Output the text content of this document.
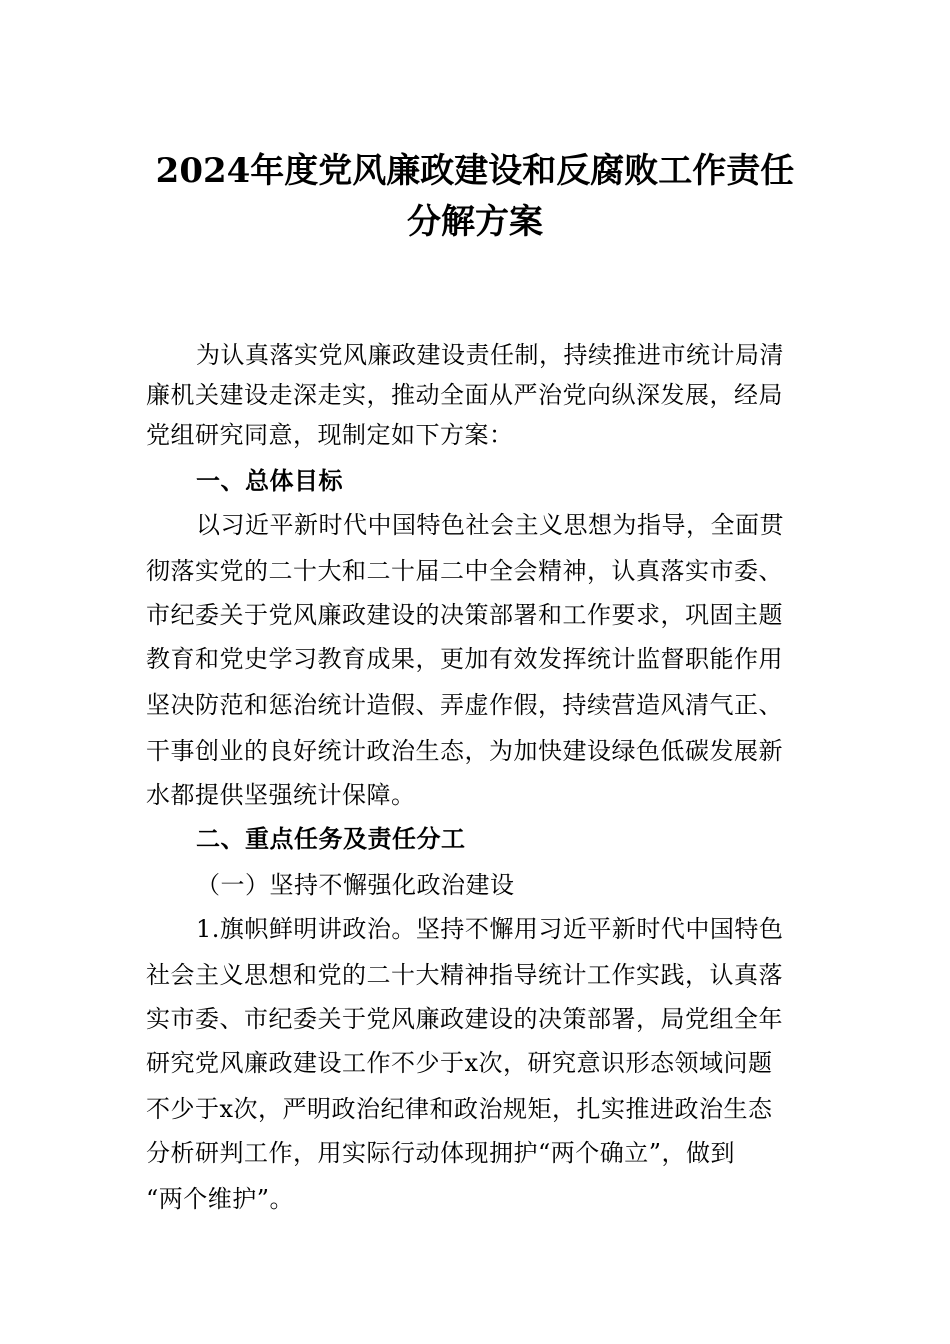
2024年度党风廉政建设和反腐败工作责任
分解方案

为认真落实党风廉政建设责任制，持续推进市统计局清

廉机关建设走深走实，推动全面从严治党向纵深发展，经局

党组研究同意，现制定如下方案：

一、总体目标

以习近平新时代中国特色社会主义思想为指导，全面贯

彻落实党的二十大和二十届二中全会精神，认真落实市委、

市纪委关于党风廉政建设的决策部署和工作要求，巩固主题

教育和党史学习教育成果，更加有效发挥统计监督职能作用

坚决防范和惩治统计造假、弄虚作假，持续营造风清气正、

干事创业的良好统计政治生态，为加快建设绿色低碳发展新

水都提供坚强统计保障。

二、重点任务及责任分工

（一）坚持不懈强化政治建设

1.旗帜鲜明讲政治。坚持不懈用习近平新时代中国特色

社会主义思想和党的二十大精神指导统计工作实践，认真落

实市委、市纪委关于党风廉政建设的决策部署，局党组全年

研究党风廉政建设工作不少于x次，研究意识形态领域问题

不少于x次，严明政治纪律和政治规矩，扎实推进政治生态

分析研判工作，用实际行动体现拥护“两个确立”，做到

“两个维护”。
